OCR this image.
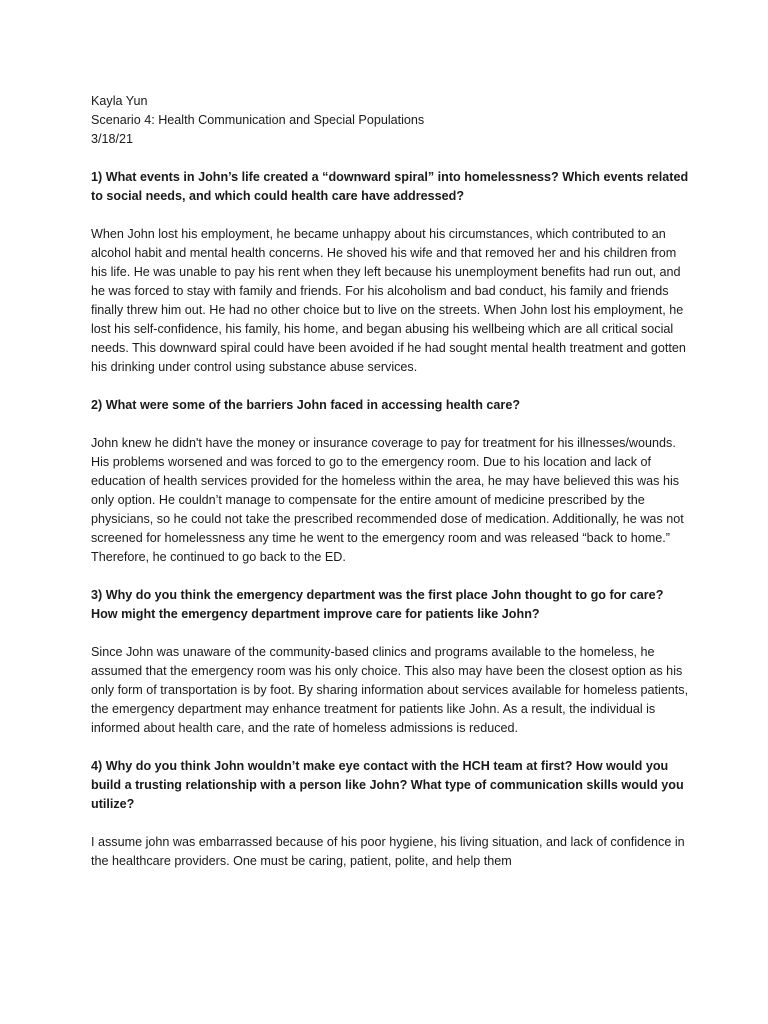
Kayla Yun

Scenario 4: Health Communication and Special Populations

3/18/21

1) What events in John’s life created a “downward spiral” into homelessness? Which events related to social needs, and which could health care have addressed?

When John lost his employment, he became unhappy about his circumstances, which contributed to an alcohol habit and mental health concerns. He shoved his wife and that removed her and his children from his life. He was unable to pay his rent when they left because his unemployment benefits had run out, and he was forced to stay with family and friends. For his alcoholism and bad conduct, his family and friends finally threw him out. He had no other choice but to live on the streets. When John lost his employment, he lost his self-confidence, his family, his home, and began abusing his wellbeing which are all critical social needs. This downward spiral could have been avoided if he had sought mental health treatment and gotten his drinking under control using substance abuse services.

2) What were some of the barriers John faced in accessing health care?

John knew he didn't have the money or insurance coverage to pay for treatment for his illnesses/wounds. His problems worsened and was forced to go to the emergency room. Due to his location and lack of education of health services provided for the homeless within the area, he may have believed this was his only option. He couldn’t manage to compensate for the entire amount of medicine prescribed by the physicians, so he could not take the prescribed recommended dose of medication. Additionally, he was not screened for homelessness any time he went to the emergency room and was released “back to home.” Therefore, he continued to go back to the ED.

3) Why do you think the emergency department was the first place John thought to go for care? How might the emergency department improve care for patients like John?

Since John was unaware of the community-based clinics and programs available to the homeless, he assumed that the emergency room was his only choice. This also may have been the closest option as his only form of transportation is by foot. By sharing information about services available for homeless patients, the emergency department may enhance treatment for patients like John. As a result, the individual is informed about health care, and the rate of homeless admissions is reduced.

4) Why do you think John wouldn’t make eye contact with the HCH team at first? How would you build a trusting relationship with a person like John? What type of communication skills would you utilize?

I assume john was embarrassed because of his poor hygiene, his living situation, and lack of confidence in the healthcare providers. One must be caring, patient, polite, and help them
